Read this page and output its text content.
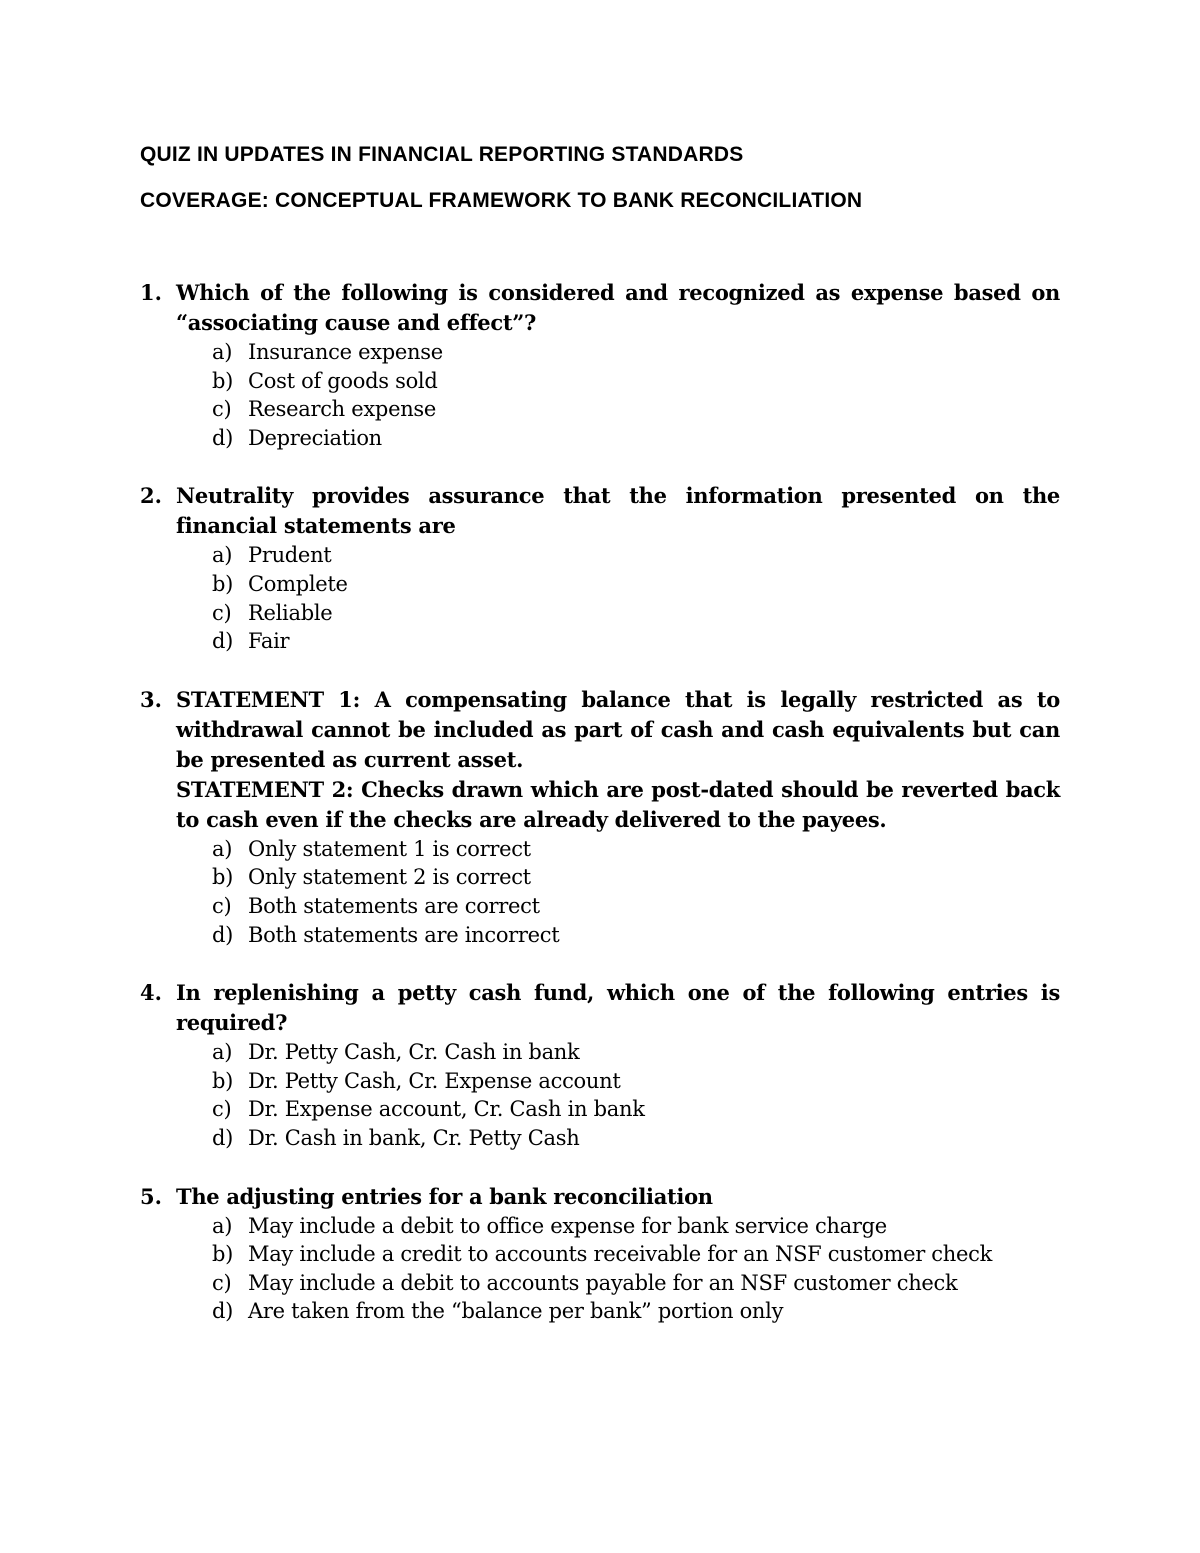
QUIZ IN UPDATES IN FINANCIAL REPORTING STANDARDS
COVERAGE: CONCEPTUAL FRAMEWORK TO BANK RECONCILIATION
1. Which of the following is considered and recognized as expense based on “associating cause and effect”?

a) Insurance expense
b) Cost of goods sold
c) Research expense
d) Depreciation
2. Neutrality provides assurance that the information presented on the financial statements are

a) Prudent
b) Complete
c) Reliable
d) Fair
3. STATEMENT 1: A compensating balance that is legally restricted as to withdrawal cannot be included as part of cash and cash equivalents but can be presented as current asset.

STATEMENT 2: Checks drawn which are post-dated should be reverted back to cash even if the checks are already delivered to the payees.

a) Only statement 1 is correct
b) Only statement 2 is correct
c) Both statements are correct
d) Both statements are incorrect
4. In replenishing a petty cash fund, which one of the following entries is required?

a) Dr. Petty Cash, Cr. Cash in bank
b) Dr. Petty Cash, Cr. Expense account
c) Dr. Expense account, Cr. Cash in bank
d) Dr. Cash in bank, Cr. Petty Cash
5. The adjusting entries for a bank reconciliation

a) May include a debit to office expense for bank service charge
b) May include a credit to accounts receivable for an NSF customer check
c) May include a debit to accounts payable for an NSF customer check
d) Are taken from the “balance per bank” portion only
